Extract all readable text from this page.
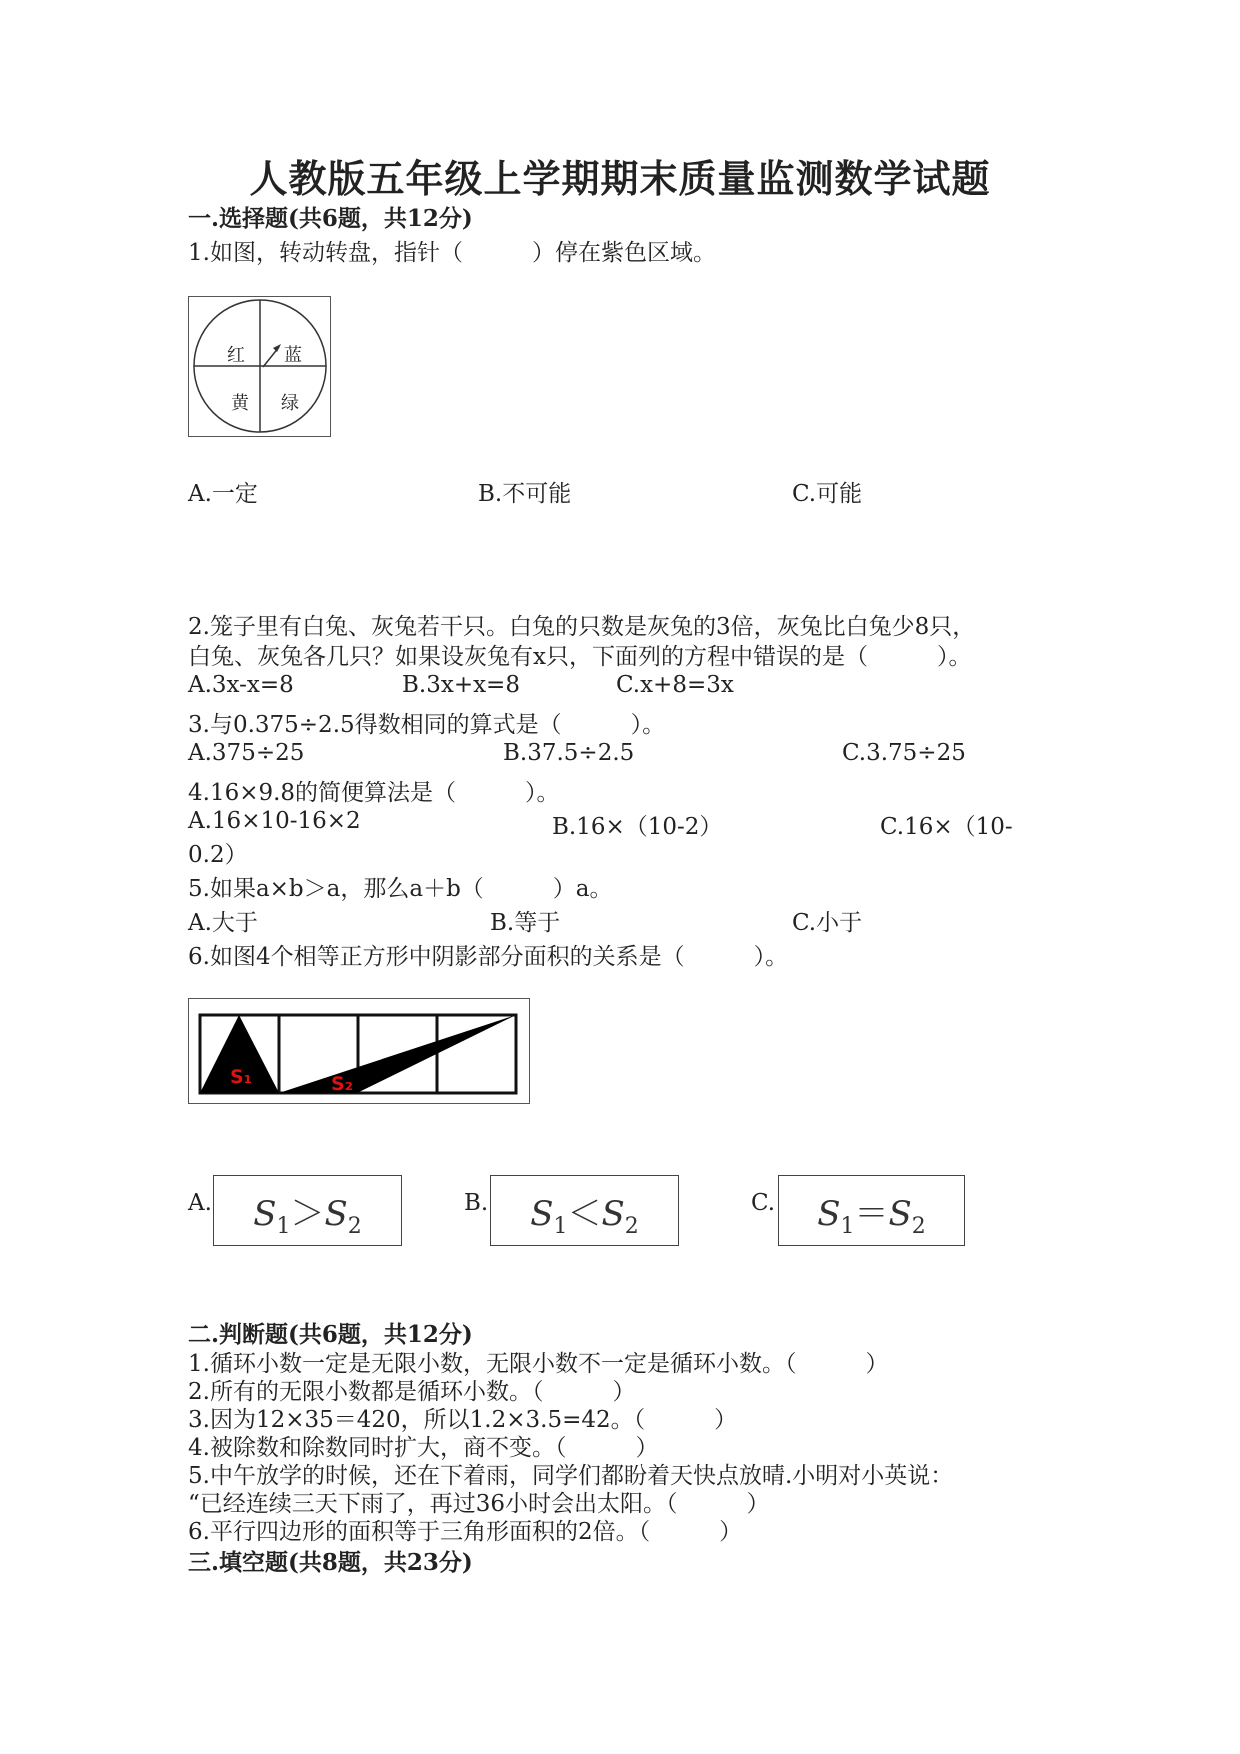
人教版五年级上学期期末质量监测数学试题
一.选择题(共6题，共12分)
1.如图，转动转盘，指针（　　　）停在紫色区域。
红 蓝
黄 绿
A.一定	B.不可能	C.可能
2.笼子里有白兔、灰兔若干只。白兔的只数是灰兔的3倍，灰兔比白兔少8只，
白兔、灰兔各几只？如果设灰兔有x只，下面列的方程中错误的是（　　　）。
A.3x-x=8	B.3x+x=8	C.x+8=3x
3.与0.375÷2.5得数相同的算式是（　　　）。
A.375÷25	B.37.5÷2.5	C.3.75÷25
4.16×9.8的简便算法是（　　　）。
A.16×10-16×2	B.16×（10-2）	C.16×（10-
0.2）
5.如果a×b＞a，那么a＋b（　　　）a。
A.大于	B.等于	C.小于
6.如图4个相等正方形中阴影部分面积的关系是（　　　）。
S₁	S₂
A.	$S_1>S_2$
B.	$S_1<S_2$
C.	$S_1=S_2$
二.判断题(共6题，共12分)
1.循环小数一定是无限小数，无限小数不一定是循环小数。（　　　）
2.所有的无限小数都是循环小数。（　　　）
3.因为12×35＝420，所以1.2×3.5=42。（　　　）
4.被除数和除数同时扩大，商不变。（　　　）
5.中午放学的时候，还在下着雨，同学们都盼着天快点放晴.小明对小英说：
“已经连续三天下雨了，再过36小时会出太阳。（　　　）
6.平行四边形的面积等于三角形面积的2倍。（　　　）
三.填空题(共8题，共23分)
